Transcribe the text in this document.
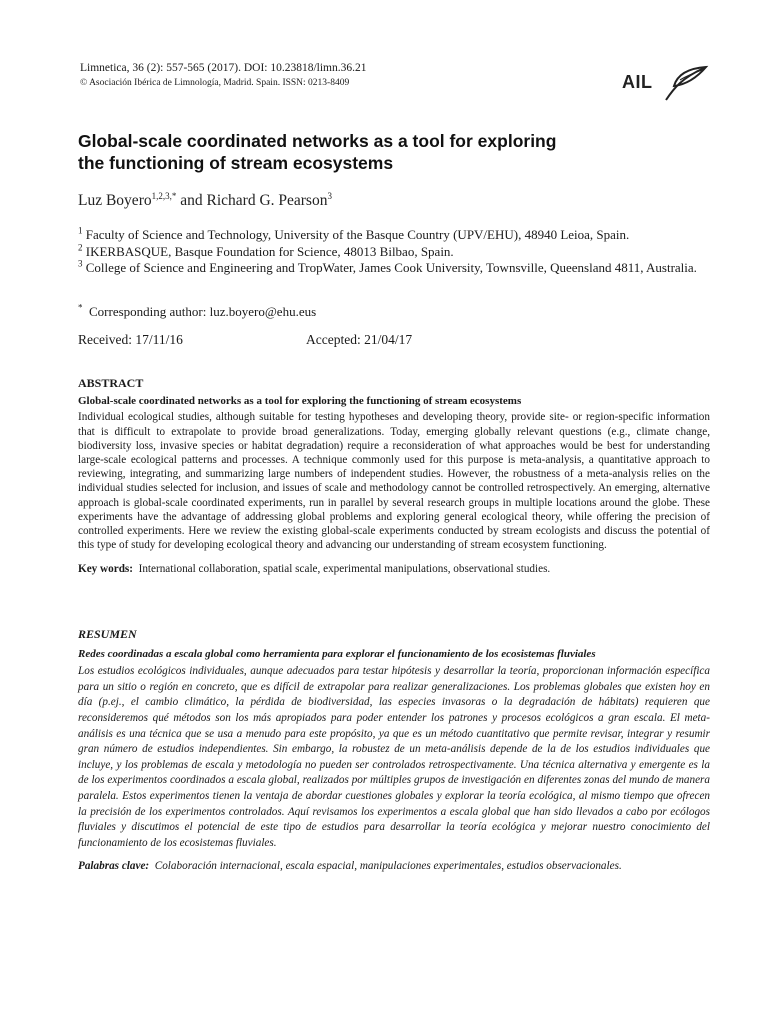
Limnetica, 36 (2): 557-565 (2017). DOI: 10.23818/limn.36.21
© Asociación Ibérica de Limnología, Madrid. Spain. ISSN: 0213-8409	AIL
Global-scale coordinated networks as a tool for exploring
the functioning of stream ecosystems
Luz Boyero$^{1,2,3,*}$ and Richard G. Pearson$^3$

$^1$ Faculty of Science and Technology, University of the Basque Country (UPV/EHU), 48940 Leioa, Spain.

$^2$ IKERBASQUE, Basque Foundation for Science, 48013 Bilbao, Spain.

$^3$ College of Science and Engineering and TropWater, James Cook University, Townsville, Queensland 4811, Australia.

* Corresponding author: luz.boyero@ehu.eus
Received: 17/11/16	Accepted: 21/04/17
ABSTRACT
Global-scale coordinated networks as a tool for exploring the functioning of stream ecosystems

Individual ecological studies, although suitable for testing hypotheses and developing theory, provide site- or region-specific information that is difficult to extrapolate to provide broad generalizations. Today, emerging globally relevant questions (e.g., climate change, biodiversity loss, invasive species or habitat degradation) require a reconsideration of what approaches would be best for understanding large-scale ecological patterns and processes. A technique commonly used for this purpose is meta-analysis, a quantitative approach to reviewing, integrating, and summarizing large numbers of independent studies. However, the robustness of a meta-analysis relies on the individual studies selected for inclusion, and issues of scale and methodology cannot be controlled retrospectively. An emerging, alternative approach is global-scale coordinated experiments, run in parallel by several research groups in multiple locations around the globe. These experiments have the advantage of addressing global problems and exploring general ecological theory, while offering the precision of controlled experiments. Here we review the existing global-scale experiments conducted by stream ecologists and discuss the potential of this type of study for developing ecological theory and advancing our understanding of stream ecosystem functioning.

Key words: International collaboration, spatial scale, experimental manipulations, observational studies.
RESUMEN
Redes coordinadas a escala global como herramienta para explorar el funcionamiento de los ecosistemas fluviales

Los estudios ecológicos individuales, aunque adecuados para testar hipótesis y desarrollar la teoría, proporcionan información específica para un sitio o región en concreto, que es difícil de extrapolar para realizar generalizaciones. Los problemas globales que existen hoy en día (p.ej., el cambio climático, la pérdida de biodiversidad, las especies invasoras o la degradación de hábitats) requieren que reconsideremos qué métodos son los más apropiados para poder entender los patrones y procesos ecológicos a gran escala. El meta-análisis es una técnica que se usa a menudo para este propósito, ya que es un método cuantitativo que permite revisar, integrar y resumir gran número de estudios independientes. Sin embargo, la robustez de un meta-análisis depende de la de los estudios individuales que incluye, y los problemas de escala y metodología no pueden ser controlados retrospectivamente. Una técnica alternativa y emergente es la de los experimentos coordinados a escala global, realizados por múltiples grupos de investigación en diferentes zonas del mundo de manera paralela. Estos experimentos tienen la ventaja de abordar cuestiones globales y explorar la teoría ecológica, al mismo tiempo que ofrecen la precisión de los experimentos controlados. Aquí revisamos los experimentos a escala global que han sido llevados a cabo por ecólogos fluviales y discutimos el potencial de este tipo de estudios para desarrollar la teoría ecológica y mejorar nuestro conocimiento del funcionamiento de los ecosistemas fluviales.

Palabras clave: Colaboración internacional, escala espacial, manipulaciones experimentales, estudios observacionales.
